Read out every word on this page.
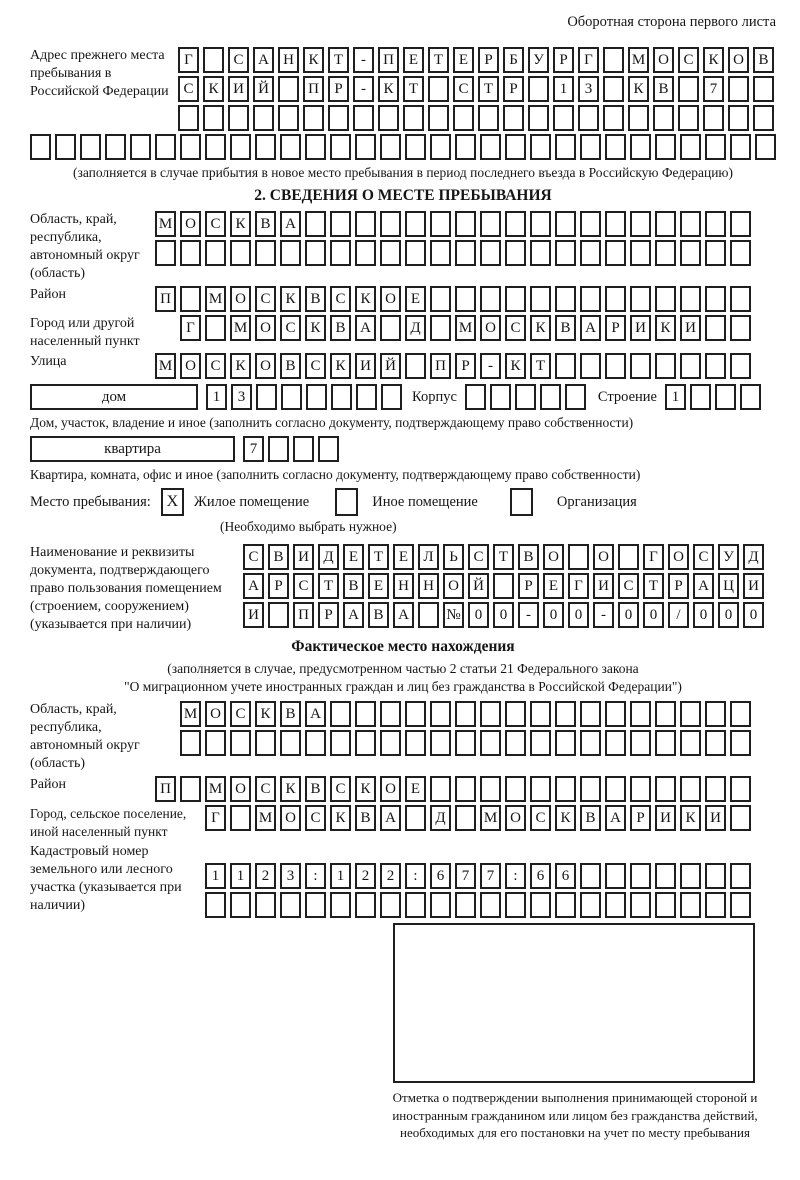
Оборотная сторона первого листа
Адрес прежнего места пребывания в Российской Федерации
Г	С А Н К	Т	-	П Е	Т	Е	Р	Б	У	Р	Г	М О С К О В
С К И Й	П	Р	-	К	Т	С	Т	Р	1	3	К В	7
(заполняется в случае прибытия в новое место пребывания в период последнего въезда в Российскую Федерацию)
2. СВЕДЕНИЯ О МЕСТЕ ПРЕБЫВАНИЯ
Область, край, республика, автономный округ (область)
М О С К В А
Район	П	М О С К В С К О Е
Город или другой населенный пункт
Г	М О С К В А	Д	М О С К В А	Р	И К И
Улица	М О С К О В С К И Й	П	Р	-	К	Т
дом	1	3	Корпус	Строение 1
Дом, участок, владение и иное (заполнить согласно документу, подтверждающему право собственности)
квартира	7
Квартира, комната, офис и иное (заполнить согласно документу, подтверждающему право собственности)
Место пребывания: X	Жилое помещение	Иное помещение	Организация
(Необходимо выбрать нужное)
Наименование и реквизиты документа, подтверждающего право пользования помещением (строением, сооружением) (указывается при наличии)
С В И Д	Е	Т	Е	Л	Ь	С	Т	В О	О	Г	О С У Д
А	Р	С	Т	В	Е	Н Н О Й	Р	Е	Г	И С	Т	Р	А Ц И
И	П	Р	А В А	№ 0	0	-	0	0	-	0	0	/	0	0	0
Фактическое место нахождения
(заполняется в случае, предусмотренном частью 2 статьи 21 Федерального закона
"О миграционном учете иностранных граждан и лиц без гражданства в Российской Федерации")
Область, край, республика, автономный округ (область)
М О С К В А
Район	П	М О С К В С К О Е
Город, сельское поселение, иной населенный пункт
Г	М О С К В А	Д	М О С К В А	Р	И К И
Кадастровый номер земельного или лесного участка (указывается при наличии)
1	1	2	3	:	1	2	2	:	6	7	7	:	6	6
Отметка о подтверждении выполнения принимающей стороной и иностранным гражданином или лицом без гражданства действий, необходимых для его постановки на учет по месту пребывания
